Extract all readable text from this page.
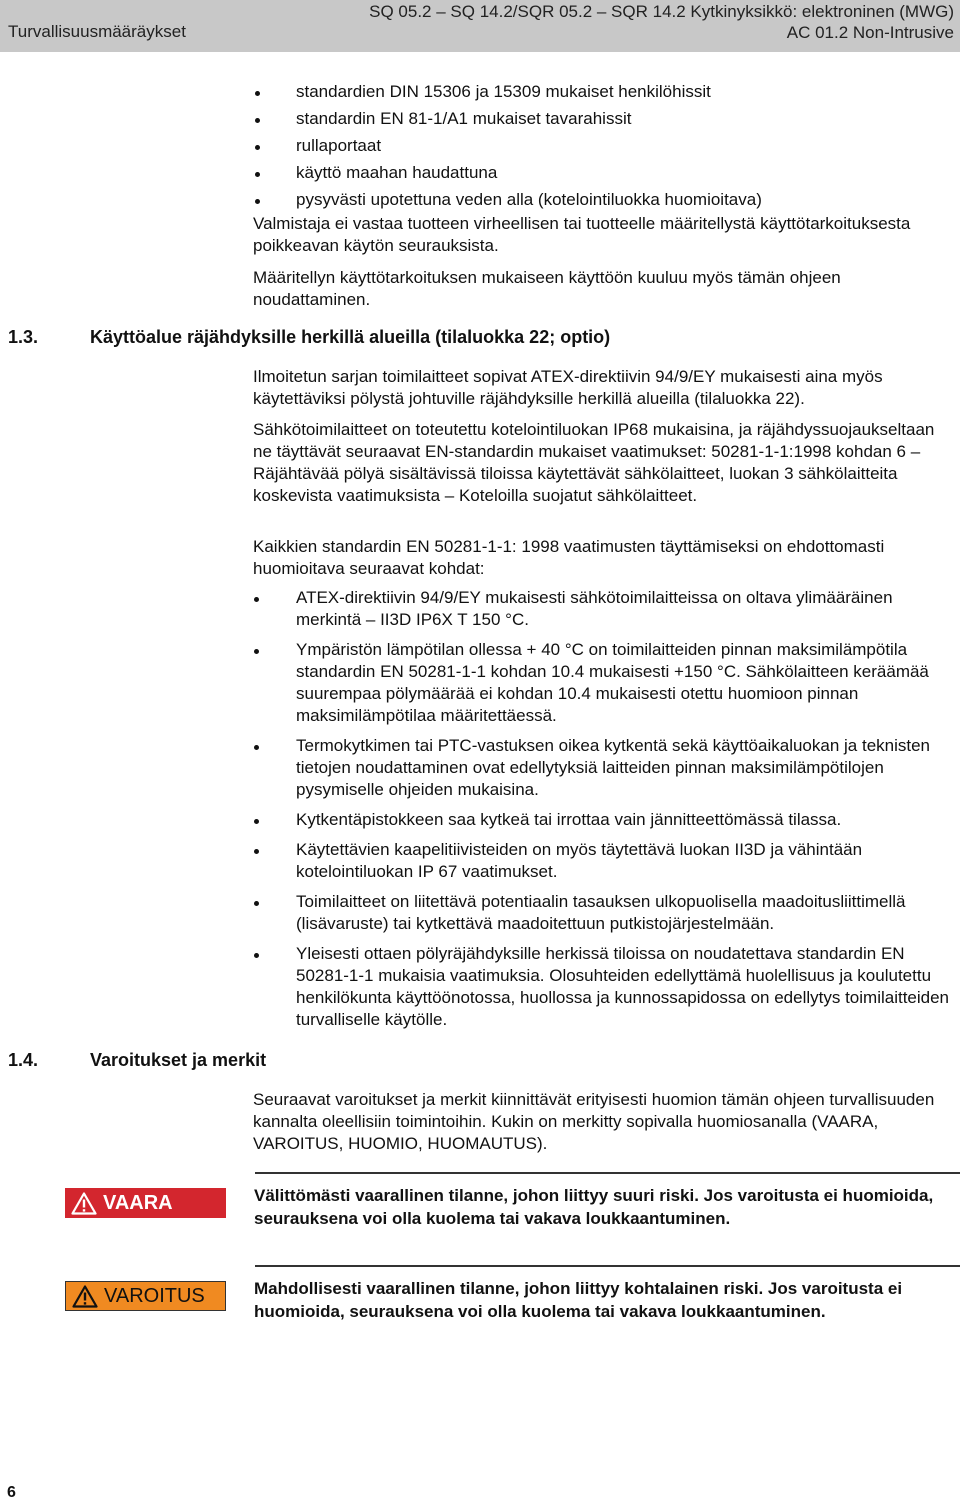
Turvallisuusmääräykset
SQ 05.2 – SQ 14.2/SQR 05.2 – SQR 14.2 Kytkinyksikkö: elektroninen (MWG)
AC 01.2 Non-Intrusive
standardien DIN 15306 ja 15309 mukaiset henkilöhissit
standardin EN 81-1/A1 mukaiset tavarahissit
rullaportaat
käyttö maahan haudattuna
pysyvästi upotettuna veden alla (kotelointiluokka huomioitava)
Valmistaja ei vastaa tuotteen virheellisen tai tuotteelle määritellystä käyttötarkoituksesta poikkeavan käytön seurauksista.
Määritellyn käyttötarkoituksen mukaiseen käyttöön kuuluu myös tämän ohjeen noudattaminen.
1.3.	Käyttöalue räjähdyksille herkillä alueilla (tilaluokka 22; optio)
Ilmoitetun sarjan toimilaitteet sopivat ATEX-direktiivin 94/9/EY mukaisesti aina myös käytettäviksi pölystä johtuville räjähdyksille herkillä alueilla (tilaluokka 22).
Sähkötoimilaitteet on toteutettu kotelointiluokan IP68 mukaisina, ja räjähdyssuojaukseltaan ne täyttävät seuraavat EN-standardin mukaiset vaatimukset: 50281-1-1:1998 kohdan 6 – Räjähtävää pölyä sisältävissä tiloissa käytettävät sähkölaitteet, luokan 3 sähkölaitteita koskevista vaatimuksista – Koteloilla suojatut sähkölaitteet.
Kaikkien standardin EN 50281-1-1: 1998 vaatimusten täyttämiseksi on ehdottomasti huomioitava seuraavat kohdat:
ATEX-direktiivin 94/9/EY mukaisesti sähkötoimilaitteissa on oltava ylimääräinen merkintä – II3D IP6X T 150 °C.
Ympäristön lämpötilan ollessa + 40 °C on toimilaitteiden pinnan maksimilämpötila standardin EN 50281-1-1 kohdan 10.4 mukaisesti +150 °C. Sähkölaitteen keräämää suurempaa pölymäärää ei kohdan 10.4 mukaisesti otettu huomioon pinnan maksimilämpötilaa määritettäessä.
Termokytkimen tai PTC-vastuksen oikea kytkentä sekä käyttöaikaluokan ja teknisten tietojen noudattaminen ovat edellytyksiä laitteiden pinnan maksimilämpötilojen pysymiselle ohjeiden mukaisina.
Kytkentäpistokkeen saa kytkeä tai irrottaa vain jännitteettömässä tilassa.
Käytettävien kaapelitiivisteiden on myös täytettävä luokan II3D ja vähintään kotelointiluokan IP 67 vaatimukset.
Toimilaitteet on liitettävä potentiaalin tasauksen ulkopuolisella maadoitusliittimellä (lisävaruste) tai kytkettävä maadoitettuun putkistojärjestelmään.
Yleisesti ottaen pölyräjähdyksille herkissä tiloissa on noudatettava standardin EN 50281-1-1 mukaisia vaatimuksia. Olosuhteiden edellyttämä huolellisuus ja koulutettu henkilökunta käyttöönotossa, huollossa ja kunnossapidossa on edellytys toimilaitteiden turvalliselle käytölle.
1.4.	Varoitukset ja merkit
Seuraavat varoitukset ja merkit kiinnittävät erityisesti huomion tämän ohjeen turvallisuuden kannalta oleellisiin toimintoihin. Kukin on merkitty sopivalla huomiosanalla (VAARA, VAROITUS, HUOMIO, HUOMAUTUS).
VAARA	Välittömästi vaarallinen tilanne, johon liittyy suuri riski. Jos varoitusta ei huomioida, seurauksena voi olla kuolema tai vakava loukkaantuminen.
VAROITUS	Mahdollisesti vaarallinen tilanne, johon liittyy kohtalainen riski. Jos varoitusta ei huomioida, seurauksena voi olla kuolema tai vakava loukkaantuminen.
6
